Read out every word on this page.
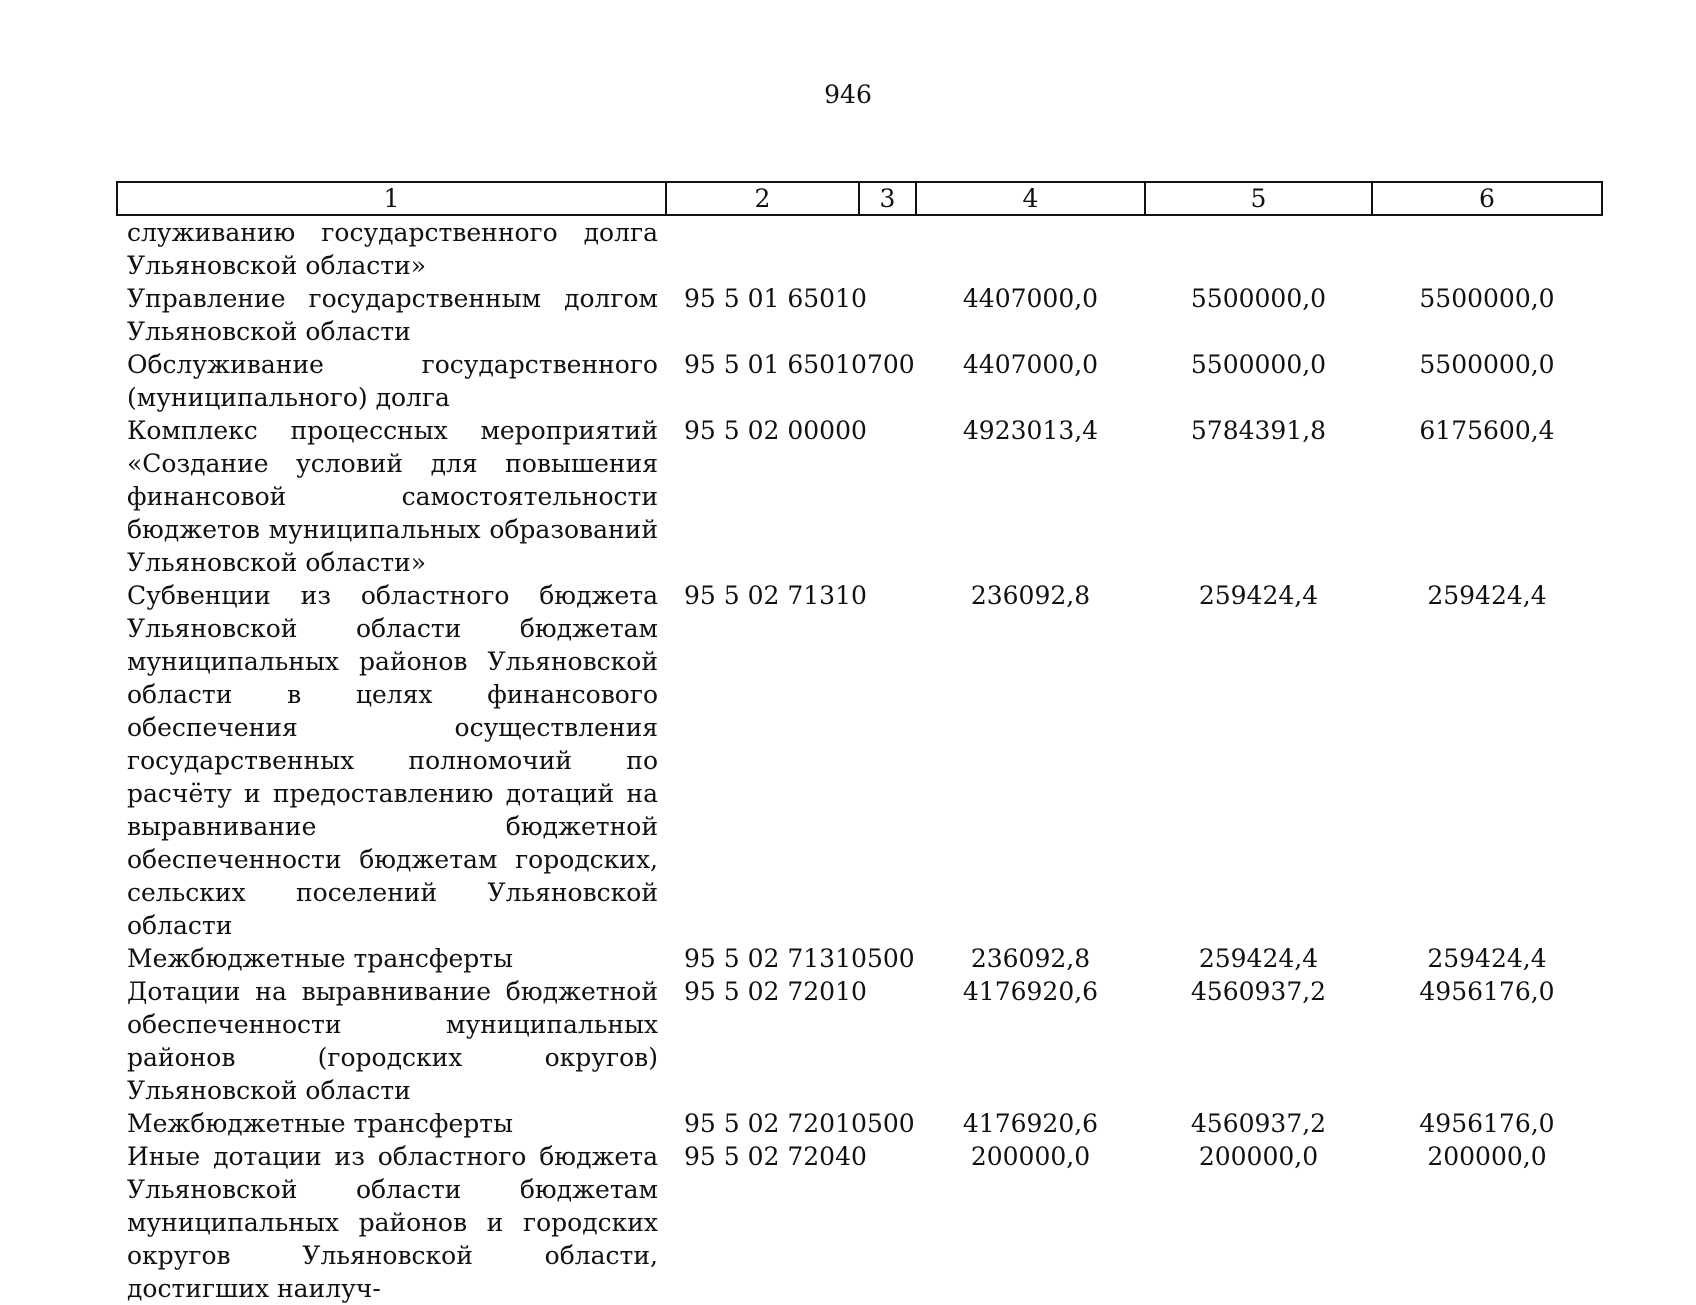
946
1	2	3	4	5	6
служиванию государственного долга Ульяновской области»					
Управление государственным долгом Ульяновской области	95 5 01 65010		4407000,0	5500000,0	5500000,0
Обслуживание государственного (муниципального) долга	95 5 01 65010	700	4407000,0	5500000,0	5500000,0
Комплекс процессных мероприятий «Создание условий для повышения финансовой самостоятельности бюджетов муниципальных образований Ульяновской области»	95 5 02 00000		4923013,4	5784391,8	6175600,4
Субвенции из областного бюджета Ульяновской области бюджетам муниципальных районов Ульяновской области в целях финансового обеспечения осуществления государственных полномочий по расчёту и предоставлению дотаций на выравнивание бюджетной обеспеченности бюджетам городских, сельских поселений Ульяновской области	95 5 02 71310		236092,8	259424,4	259424,4
Межбюджетные трансферты	95 5 02 71310	500	236092,8	259424,4	259424,4
Дотации на выравнивание бюджетной обеспеченности муниципальных районов (городских округов) Ульяновской области	95 5 02 72010		4176920,6	4560937,2	4956176,0
Межбюджетные трансферты	95 5 02 72010	500	4176920,6	4560937,2	4956176,0
Иные дотации из областного бюджета Ульяновской области бюджетам муниципальных районов и городских округов Ульяновской области, достигших наилуч-	95 5 02 72040		200000,0	200000,0	200000,0
